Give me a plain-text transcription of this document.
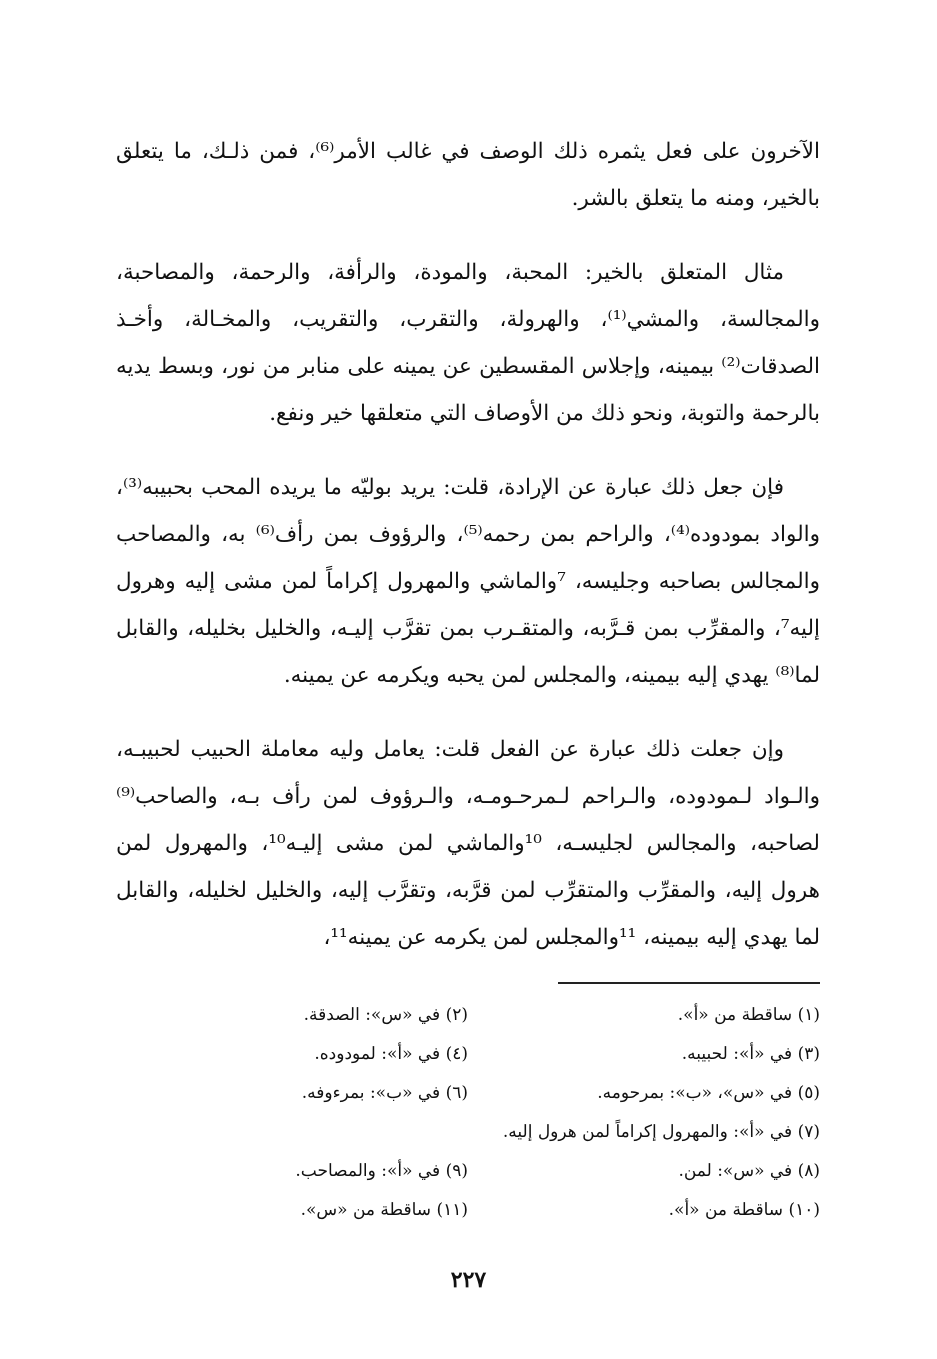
الآخرون على فعل يثمره ذلك الوصف في غالب الأمر⁽⁶⁾، فمن ذلـك، ما يتعلق بالخير، ومنه ما يتعلق بالشر.

مثال المتعلق بالخير: المحبة، والمودة، والرأفة، والرحمة، والمصاحبة، والمجالسة، والمشي⁽¹⁾، والهرولة، والتقرب، والتقريب، والمخـالة، وأخـذ الصدقات⁽²⁾ بيمينه، وإجلاس المقسطين عن يمينه على منابر من نور، وبسط يديه بالرحمة والتوبة، ونحو ذلك من الأوصاف التي متعلقها خير ونفع.

فإن جعل ذلك عبارة عن الإرادة، قلت: يريد بوليّه ما يريده المحب بحبيبه⁽³⁾، والواد بمودوده⁽⁴⁾، والراحم بمن رحمه⁽⁵⁾، والرؤوف بمن رأف⁽⁶⁾ به، والمصاحب والمجالس بصاحبه وجليسه، ⁷والماشي والمهرول إكراماً لمن مشى إليه وهرول إليه⁷، والمقرِّب بمن قـرَّبه، والمتقـرب بمن تقرَّب إليـه، والخليل بخليله، والقابل لما⁽⁸⁾ يهدي إليه بيمينه، والمجلس لمن يحبه ويكرمه عن يمينه.

وإن جعلت ذلك عبارة عن الفعل قلت: يعامل وليه معاملة الحبيب لحبيبـه، والـواد لـمودوده، والـراحم لـمرحـومـه، والـرؤوف لمن رأف بـه، والصاحب⁽⁹⁾ لصاحبه، والمجالس لجليسـه، ¹⁰والماشي لمن مشى إليـه¹⁰، والمهرول لمن هرول إليه، والمقرِّب والمتقرِّب لمن قرَّبه، وتقرَّب إليه، والخليل لخليله، والقابل لما يهدي إليه بيمينه، ¹¹والمجلس لمن يكرمه عن يمينه¹¹،

(١) ساقطة من «أ».
(٢) في «س»: الصدقة.
(٣) في «أ»: لحبيبه.
(٤) في «أ»: لمودوده.
(٥) في «س»، «ب»: بمرحومه.
(٦) في «ب»: بمرءوفه.
(٧) في «أ»: والمهرول إكراماً لمن هرول إليه.
(٨) في «س»: لمن.
(٩) في «أ»: والمصاحب.
(١٠) ساقطة من «أ».
(١١) ساقطة من «س».
٢٢٧
